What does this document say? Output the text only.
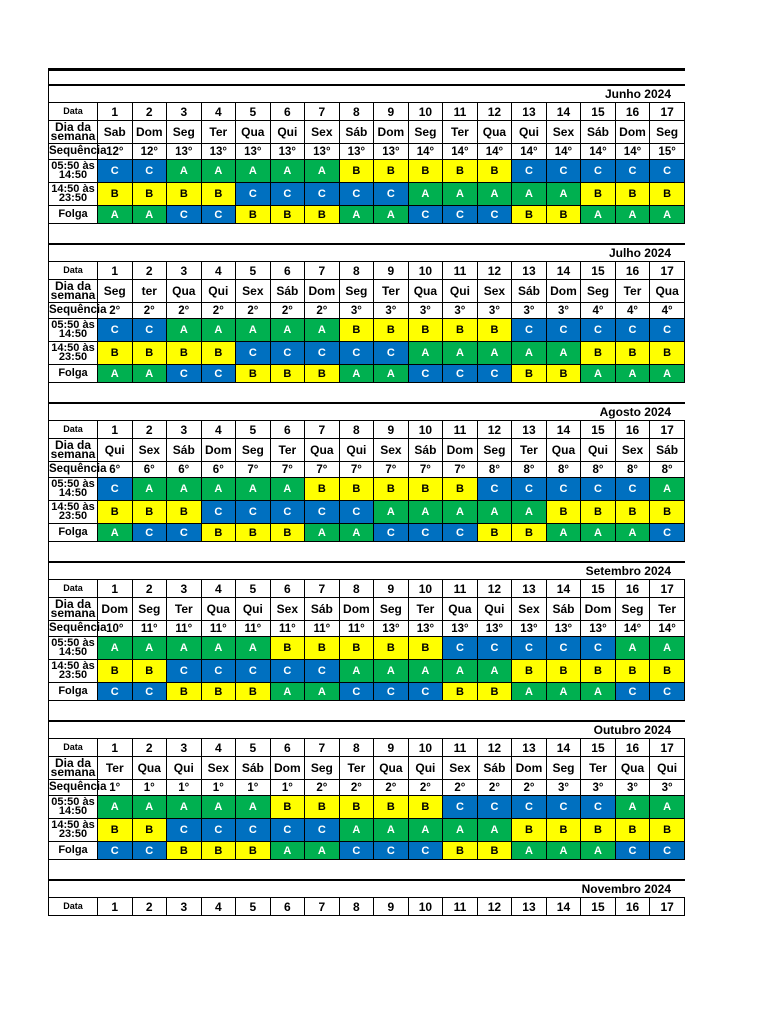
Junho 2024
Data	1	2	3	4	5	6	7	8	9	10	11	12	13	14	15	16	17
Dia da semana	Sab	Dom	Seg	Ter	Qua	Qui	Sex	Sáb	Dom	Seg	Ter	Qua	Qui	Sex	Sáb	Dom	Seg
Sequência	12°	12°	13°	13°	13°	13°	13°	13°	13°	14°	14°	14°	14°	14°	14°	14°	15°
05:50 às 14:50	C	C	A	A	A	A	A	B	B	B	B	B	C	C	C	C	C
14:50 às 23:50	B	B	B	B	C	C	C	C	C	A	A	A	A	A	B	B	B
Folga	A	A	C	C	B	B	B	A	A	C	C	C	B	B	A	A	A
Julho 2024
Data	1	2	3	4	5	6	7	8	9	10	11	12	13	14	15	16	17
Dia da semana	Seg	ter	Qua	Qui	Sex	Sáb	Dom	Seg	Ter	Qua	Qui	Sex	Sáb	Dom	Seg	Ter	Qua
Sequência	2°	2°	2°	2°	2°	2°	2°	3°	3°	3°	3°	3°	3°	3°	4°	4°	4°
05:50 às 14:50	C	C	A	A	A	A	A	B	B	B	B	B	C	C	C	C	C
14:50 às 23:50	B	B	B	B	C	C	C	C	C	A	A	A	A	A	B	B	B
Folga	A	A	C	C	B	B	B	A	A	C	C	C	B	B	A	A	A
Agosto 2024
Data	1	2	3	4	5	6	7	8	9	10	11	12	13	14	15	16	17
Dia da semana	Qui	Sex	Sáb	Dom	Seg	Ter	Qua	Qui	Sex	Sáb	Dom	Seg	Ter	Qua	Qui	Sex	Sáb
Sequência	6°	6°	6°	6°	7°	7°	7°	7°	7°	7°	7°	8°	8°	8°	8°	8°	8°
05:50 às 14:50	C	A	A	A	A	A	B	B	B	B	B	C	C	C	C	C	A
14:50 às 23:50	B	B	B	C	C	C	C	C	A	A	A	A	A	B	B	B	B
Folga	A	C	C	B	B	B	A	A	C	C	C	B	B	A	A	A	C
Setembro 2024
Data	1	2	3	4	5	6	7	8	9	10	11	12	13	14	15	16	17
Dia da semana	Dom	Seg	Ter	Qua	Qui	Sex	Sáb	Dom	Seg	Ter	Qua	Qui	Sex	Sáb	Dom	Seg	Ter
Sequência	10°	11°	11°	11°	11°	11°	11°	11°	13°	13°	13°	13°	13°	13°	13°	14°	14°
05:50 às 14:50	A	A	A	A	A	B	B	B	B	B	C	C	C	C	C	A	A
14:50 às 23:50	B	B	C	C	C	C	C	A	A	A	A	A	B	B	B	B	B
Folga	C	C	B	B	B	A	A	C	C	C	B	B	A	A	A	C	C
Outubro 2024
Data	1	2	3	4	5	6	7	8	9	10	11	12	13	14	15	16	17
Dia da semana	Ter	Qua	Qui	Sex	Sáb	Dom	Seg	Ter	Qua	Qui	Sex	Sáb	Dom	Seg	Ter	Qua	Qui
Sequência	1°	1°	1°	1°	1°	1°	2°	2°	2°	2°	2°	2°	2°	3°	3°	3°	3°
05:50 às 14:50	A	A	A	A	A	B	B	B	B	B	C	C	C	C	C	A	A
14:50 às 23:50	B	B	C	C	C	C	C	A	A	A	A	A	B	B	B	B	B
Folga	C	C	B	B	B	A	A	C	C	C	B	B	A	A	A	C	C
Novembro 2024
Data	1	2	3	4	5	6	7	8	9	10	11	12	13	14	15	16	17
